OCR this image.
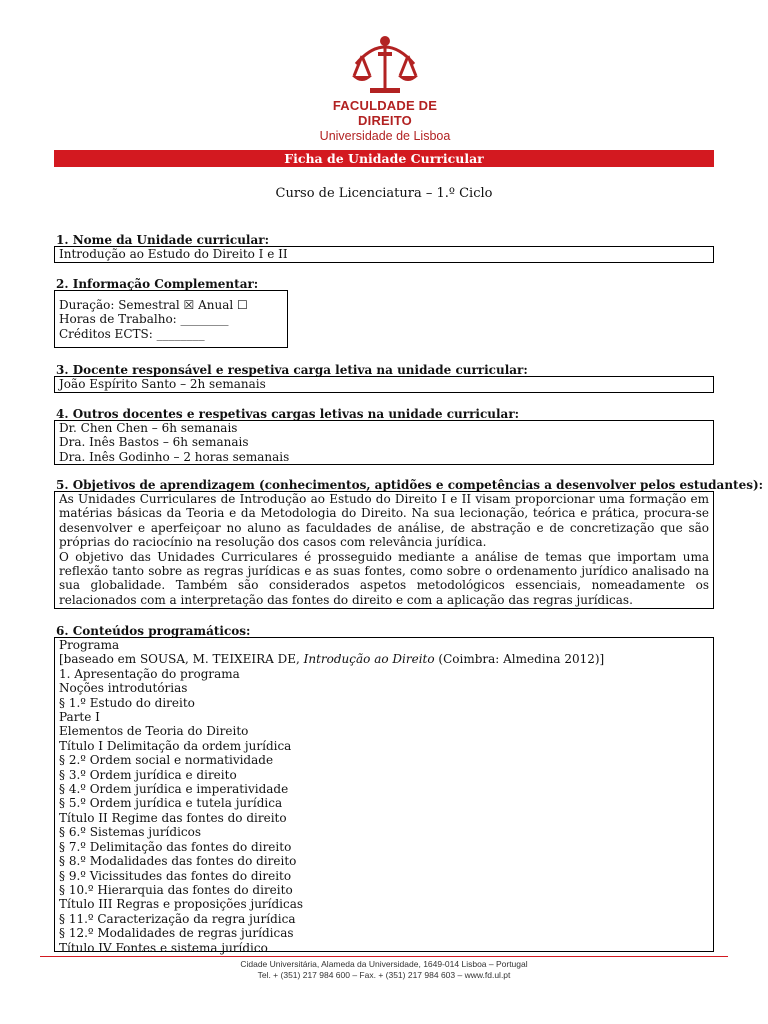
FACULDADE DE DIREITO
Universidade de Lisboa
Ficha de Unidade Curricular
Curso de Licenciatura – 1.º Ciclo
1. Nome da Unidade curricular:
Introdução ao Estudo do Direito I e II
2. Informação Complementar:
Duração: Semestral ☒ Anual ☐
Horas de Trabalho: ________
Créditos ECTS: ________
3. Docente responsável e respetiva carga letiva na unidade curricular:
João Espírito Santo – 2h semanais
4. Outros docentes e respetivas cargas letivas na unidade curricular:
Dr. Chen Chen – 6h semanais
Dra. Inês Bastos – 6h semanais
Dra. Inês Godinho – 2 horas semanais
5. Objetivos de aprendizagem (conhecimentos, aptidões e competências a desenvolver pelos estudantes):
As Unidades Curriculares de Introdução ao Estudo do Direito I e II visam proporcionar uma formação em matérias básicas da Teoria e da Metodologia do Direito. Na sua lecionação, teórica e prática, procura-se desenvolver e aperfeiçoar no aluno as faculdades de análise, de abstração e de concretização que são próprias do raciocínio na resolução dos casos com relevância jurídica.
O objetivo das Unidades Curriculares é prosseguido mediante a análise de temas que importam uma reflexão tanto sobre as regras jurídicas e as suas fontes, como sobre o ordenamento jurídico analisado na sua globalidade. Também são considerados aspetos metodológicos essenciais, nomeadamente os relacionados com a interpretação das fontes do direito e com a aplicação das regras jurídicas.
6. Conteúdos programáticos:
Programa
[baseado em SOUSA, M. TEIXEIRA DE, Introdução ao Direito (Coimbra: Almedina 2012)]
1. Apresentação do programa
Noções introdutórias
§ 1.º Estudo do direito
Parte I
Elementos de Teoria do Direito
Título I Delimitação da ordem jurídica
§ 2.º Ordem social e normatividade
§ 3.º Ordem jurídica e direito
§ 4.º Ordem jurídica e imperatividade
§ 5.º Ordem jurídica e tutela jurídica
Título II Regime das fontes do direito
§ 6.º Sistemas jurídicos
§ 7.º Delimitação das fontes do direito
§ 8.º Modalidades das fontes do direito
§ 9.º Vicissitudes das fontes do direito
§ 10.º Hierarquia das fontes do direito
Título III Regras e proposições jurídicas
§ 11.º Caracterização da regra jurídica
§ 12.º Modalidades de regras jurídicas
Título IV Fontes e sistema jurídico
Cidade Universitária, Alameda da Universidade, 1649-014 Lisboa – Portugal
Tel. + (351) 217 984 600 – Fax. + (351) 217 984 603 – www.fd.ul.pt
